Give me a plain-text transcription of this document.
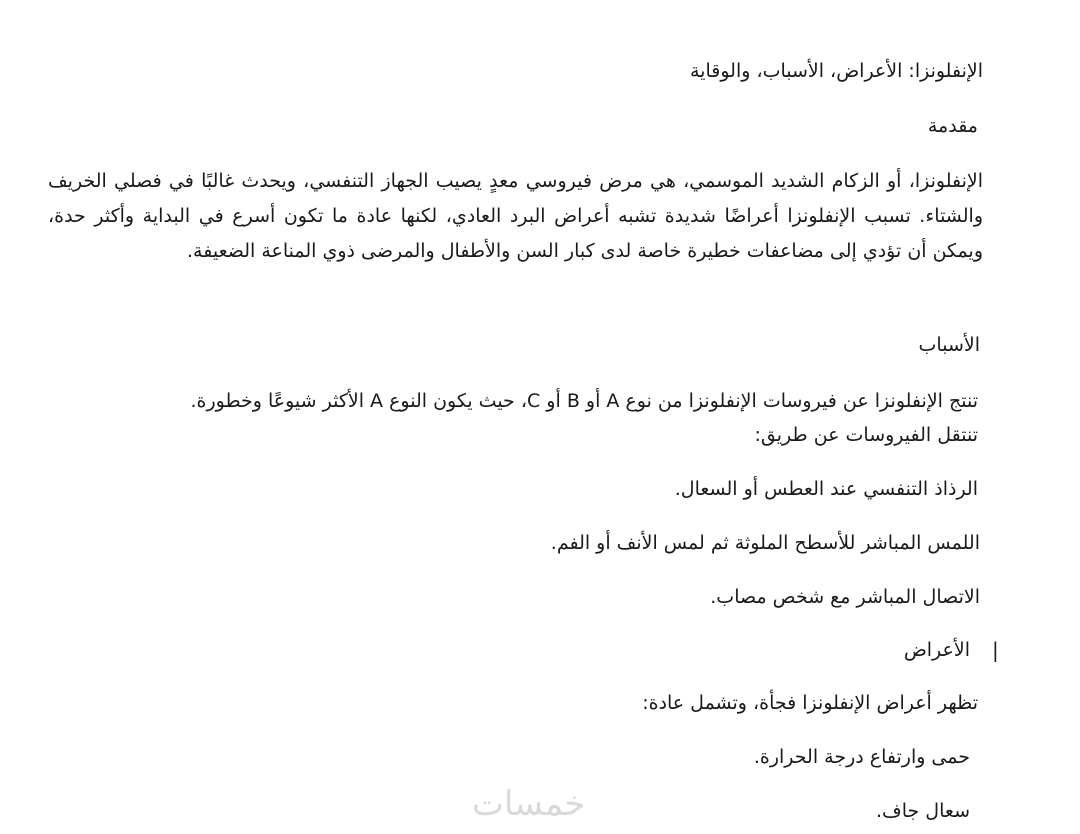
الإنفلونزا: الأعراض، الأسباب، والوقاية
مقدمة
الإنفلونزا، أو الزكام الشديد الموسمي، هي مرض فيروسي معدٍ يصيب الجهاز التنفسي، ويحدث غالبًا في فصلي الخريف والشتاء. تسبب الإنفلونزا أعراضًا شديدة تشبه أعراض البرد العادي، لكنها عادة ما تكون أسرع في البداية وأكثر حدة، ويمكن أن تؤدي إلى مضاعفات خطيرة خاصة لدى كبار السن والأطفال والمرضى ذوي المناعة الضعيفة.
الأسباب
تنتج الإنفلونزا عن فيروسات الإنفلونزا من نوع A أو B أو C، حيث يكون النوع A الأكثر شيوعًا وخطورة.
تنتقل الفيروسات عن طريق:
الرذاذ التنفسي عند العطس أو السعال.
اللمس المباشر للأسطح الملوثة ثم لمس الأنف أو الفم.
الاتصال المباشر مع شخص مصاب.
الأعراض |
تظهر أعراض الإنفلونزا فجأة، وتشمل عادة:
حمى وارتفاع درجة الحرارة.
سعال جاف.
خمسات
